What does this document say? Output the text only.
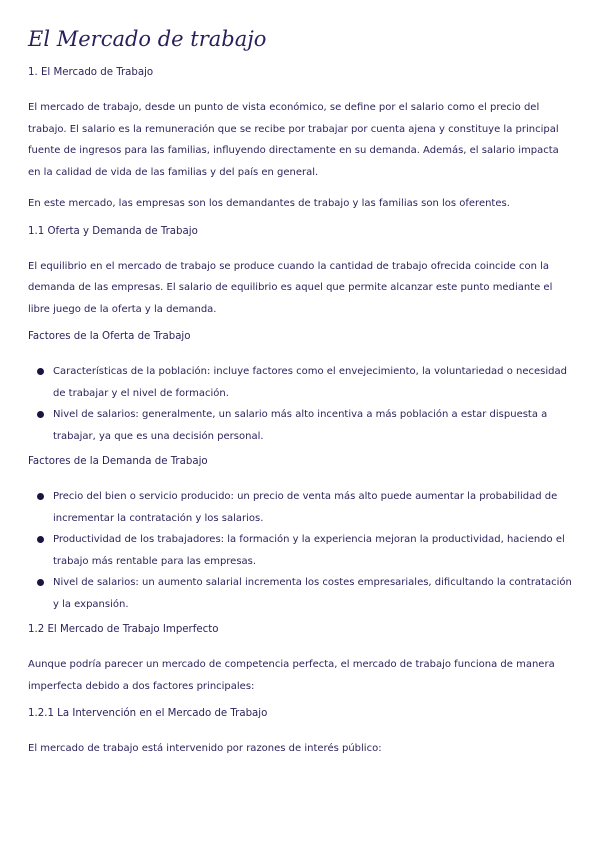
El Mercado de trabajo
1. El Mercado de Trabajo

El mercado de trabajo, desde un punto de vista económico, se define por el salario como el precio del trabajo. El salario es la remuneración que se recibe por trabajar por cuenta ajena y constituye la principal fuente de ingresos para las familias, influyendo directamente en su demanda. Además, el salario impacta en la calidad de vida de las familias y del país en general.

En este mercado, las empresas son los demandantes de trabajo y las familias son los oferentes.

1.1 Oferta y Demanda de Trabajo

El equilibrio en el mercado de trabajo se produce cuando la cantidad de trabajo ofrecida coincide con la demanda de las empresas. El salario de equilibrio es aquel que permite alcanzar este punto mediante el libre juego de la oferta y la demanda.

Factores de la Oferta de Trabajo
Características de la población: incluye factores como el envejecimiento, la voluntariedad o necesidad de trabajar y el nivel de formación.
Nivel de salarios: generalmente, un salario más alto incentiva a más población a estar dispuesta a trabajar, ya que es una decisión personal.
Factores de la Demanda de Trabajo
Precio del bien o servicio producido: un precio de venta más alto puede aumentar la probabilidad de incrementar la contratación y los salarios.
Productividad de los trabajadores: la formación y la experiencia mejoran la productividad, haciendo el trabajo más rentable para las empresas.
Nivel de salarios: un aumento salarial incrementa los costes empresariales, dificultando la contratación y la expansión.
1.2 El Mercado de Trabajo Imperfecto

Aunque podría parecer un mercado de competencia perfecta, el mercado de trabajo funciona de manera imperfecta debido a dos factores principales:

1.2.1 La Intervención en el Mercado de Trabajo

El mercado de trabajo está intervenido por razones de interés público:
